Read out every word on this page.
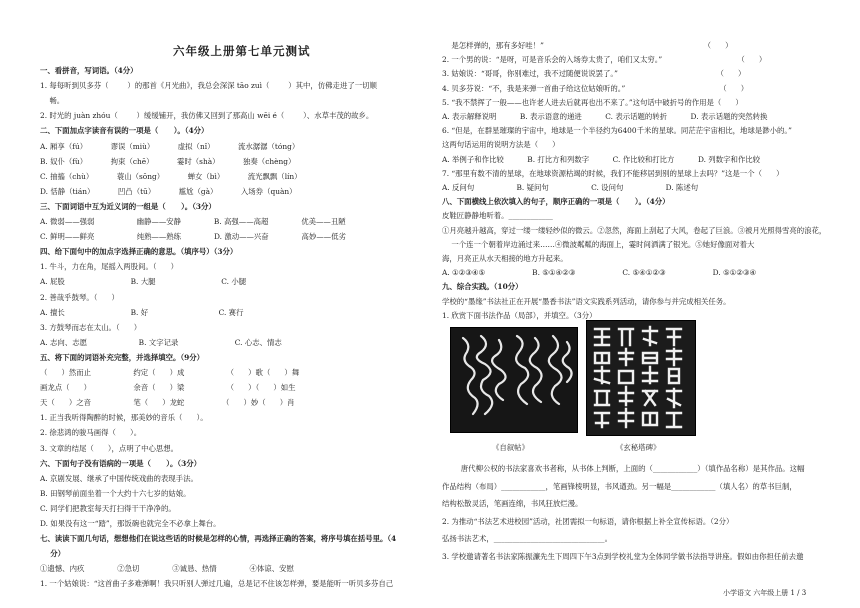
六年级上册第七单元测试
一、看拼音，写词语。（4分）
1. 每每听到贝多芬（        ）的那首《月光曲》，我总会深深 tāo zuì（        ）其中，仿佛走进了一切顺
畅。
2. 时光的 juàn zhóu（        ）缓缓铺开，我仿佛又回到了那高山 wēi é（        ）、水草丰茂的故乡。
二、下面加点字读音有误的一项是（      ）。（4分）
A. 厢享（fú）          谬误（miù）          虚拟（nǐ）          流水潺潺（tóng）
B. 奴仆（fù）          拘束（chē）          霎时（shà）          独奏（chèng）
C. 抽搐（chù）          蓑山（sōng）          蝉女（bì）          流光飘飘（lín）
D. 恬静（tián）          凹凸（tū）          尴尬（gà）          入场券（quàn）
三、下面词语中互为近义词的一组是（      ）。（3分）
A. 微弱——强弱                  幽静——安静              B. 高强——高超              优美——丑陋
C. 鲜明——鲜亮                  纯熟——熟练              D. 激动——兴奋              高妙——低劣
四、给下面句中的加点字选择正确的意思。（填序号）（3分）
1. 牛斗，力在角，尾摇入两股间。（      ）
A. 屁股                            B. 大腿                            C. 小腿
2. 善哉乎鼓琴。（      ）
A. 擅长                            B. 好                              C. 赛行
3. 方鼓琴而志在太山。（      ）
A. 志向、志愿                      B. 文字记录                        C. 心志、情志
五、将下面的词语补充完整，并选择填空。（9分）
（      ）然而止                  约定（      ）成                  （      ）歌（      ）舞
画龙点（      ）                  余音（      ）梁                  （      ）（      ）如生
天（      ）之音                  笔（      ）龙蛇                （      ）妙（      ）肖
1. 正当我听得陶醉的时候，那美妙的音乐（      ）。
2. 徐悲鸿的骏马画得（      ）。
3. 文章的结尾（      ），点明了中心思想。
六、下面句子没有语病的一项是（      ）。（3分）
A. 京剧发展、继承了中国传统戏曲的表现手法。
B. 田钢琴前面坐着一个大约十六七岁的姑娘。
C. 同学们把教室每天打扫得干干净净的。
D. 如果没有这一“踏”，那饭碗也就完全不必拿上舞台。
七、读读下面几句话，想想他们在说这些话的时候是怎样的心情，再选择正确的答案，将序号填在括号里。（4
分）
①遗憾、内疚              ②急切              ③诚恳、热情              ④体谅、安慰
1. 一个姑娘说：“这首曲子多难弹啊！我只听别人弹过几遍，总是记不住该怎样弹，要是能听一听贝多芬自己
《自叙帖》	《玄秘塔碑》
小学语文 六年级上册 1 / 3
是怎样弹的，那有多好哇！”                                                                    （      ）
2. 一个男的说：“是呀，可是音乐会的入场券太贵了，咱们又太穷。”                                （      ）
3. 姑娘说：“哥哥，你别难过，我不过随便说说罢了。”                                          （      ）
4. 贝多芬说：“不，我是来弹一首曲子给这位姑娘听的。”                                        （      ）
5. “我不禁挥了一般——也许老人进去后就再也出不来了。”这句话中破折号的作用是（      ）
A. 表示解释说明          B. 表示语意的递进          C. 表示话题的转折          D. 表示话题的突然转换
6. “但是，在群星璀璨的宇宙中，地球是一个半径约为6400千米的星球。同茫茫宇宙相比，地球是渺小的。”
这两句话运用的说明方法是（      ）
A. 举例子和作比较          B. 打比方和列数字          C. 作比较和打比方          D. 列数字和作比较
7. “那里有数不清的星球，在地球资源枯竭的时候，我们不能移居到别的星球上去吗？”这是一个（      ）
A. 反问句                  B. 疑问句                  C. 设问句                  D. 陈述句
八、下面横线上依次填入的句子，顺序正确的一项是（      ）。（4分）
皮鞋匠静静地听着。____________
①月亮越升越高，穿过一缕一缕轻纱似的微云。②忽然，海面上刮起了大风，卷起了巨浪。③被月光照得雪亮的浪花，
一个连一个朝着岸边涌过来……④微波粼粼的海面上，霎时间洒满了银光。⑤她好像面对着大
海，月亮正从水天相接的地方升起来。
A. ①②③④⑤                    B. ⑤①④②③                    C. ⑤④①②③                    D. ⑤①②③④
九、综合实践。（10分）
学校的“墨缘”书法社正在开展“墨香书法”语文实践系列活动，请你参与并完成相关任务。
1. 欣赏下面书法作品（局部），并填空。（3分）
唐代柳公权的书法家喜欢书者称，从书体上判断，上面的（____________）（填作品名称）是其作品。这幅
作品结构（布局）____________，笔画锋棱明显，书风遒劲。另一幅是____________（填人名）的草书巨制，
结构松散灵活，笔画连绵，书风狂放烂漫。
2. 为推动“书法艺术进校园”活动，社团需拟一句标语，请你根据上补全宣传标语。（2分）
弘扬书法艺术，______________________________。
3. 学校邀请著名书法家陈振濂先生下周四下午3点到学校礼堂为全体同学做书法指导讲座。假如由你担任前去邀
